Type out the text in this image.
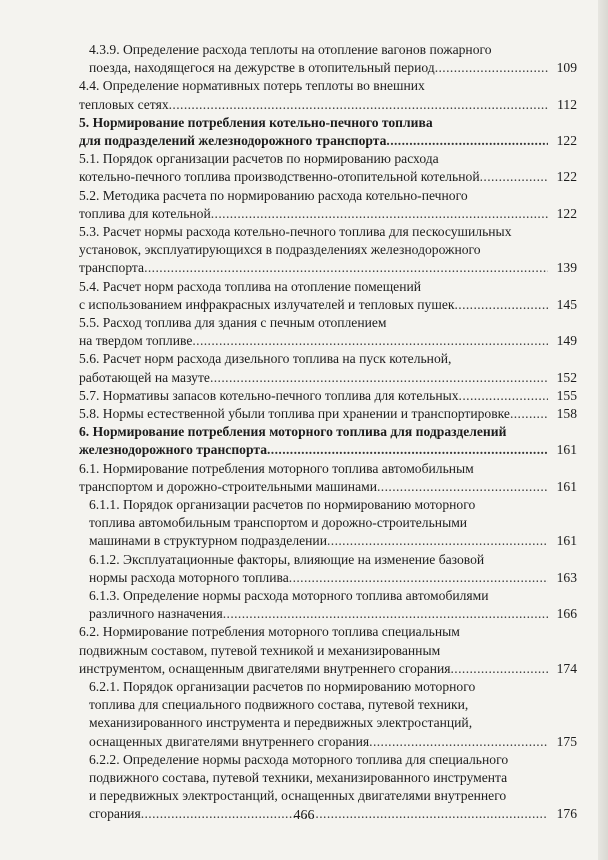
4.3.9. Определение расхода теплоты на отопление вагонов пожарного
109
поезда, находящегося на дежурстве в отопительный период
.....
4.4. Определение нормативных потерь теплоты во внешних
112
тепловых сетях
.....
5. Нормирование потребления котельно-печного топлива
122
для подразделений железнодорожного транспорта
.....
5.1. Порядок организации расчетов по нормированию расхода
122
котельно-печного топлива производственно-отопительной котельной
.....
5.2. Методика расчета по нормированию расхода котельно-печного
122
топлива для котельной
.....
5.3. Расчет нормы расхода котельно-печного топлива для пескосушильных
установок, эксплуатирующихся в подразделениях железнодорожного
139
транспорта
.....
5.4. Расчет норм расхода топлива на отопление помещений
145
с использованием инфракрасных излучателей и тепловых пушек
.....
5.5. Расход топлива для здания с печным отоплением
149
на твердом топливе
.....
5.6. Расчет норм расхода дизельного топлива на пуск котельной,
152
работающей на мазуте
.....
155
5.7. Нормативы запасов котельно-печного топлива для котельных
.....
158
5.8. Нормы естественной убыли топлива при хранении и транспортировке
.....
6. Нормирование потребления моторного топлива для подразделений
161
железнодорожного транспорта
.....
6.1. Нормирование потребления моторного топлива автомобильным
161
транспортом и дорожно-строительными машинами
.....
6.1.1. Порядок организации расчетов по нормированию моторного
топлива автомобильным транспортом и дорожно-строительными
161
машинами в структурном подразделении
.....
6.1.2. Эксплуатационные факторы, влияющие на изменение базовой
163
нормы расхода моторного топлива
.....
6.1.3. Определение нормы расхода моторного топлива автомобилями
166
различного назначения
.....
6.2. Нормирование потребления моторного топлива специальным
подвижным составом, путевой техникой и механизированным
174
инструментом, оснащенным двигателями внутреннего сгорания
.....
6.2.1. Порядок организации расчетов по нормированию моторного
топлива для специального подвижного состава, путевой техники,
механизированного инструмента и передвижных электростанций,
175
оснащенных двигателями внутреннего сгорания
.....
6.2.2. Определение нормы расхода моторного топлива для специального
подвижного состава, путевой техники, механизированного инструмента
и передвижных электростанций, оснащенных двигателями внутреннего
176
сгорания
.....	466
